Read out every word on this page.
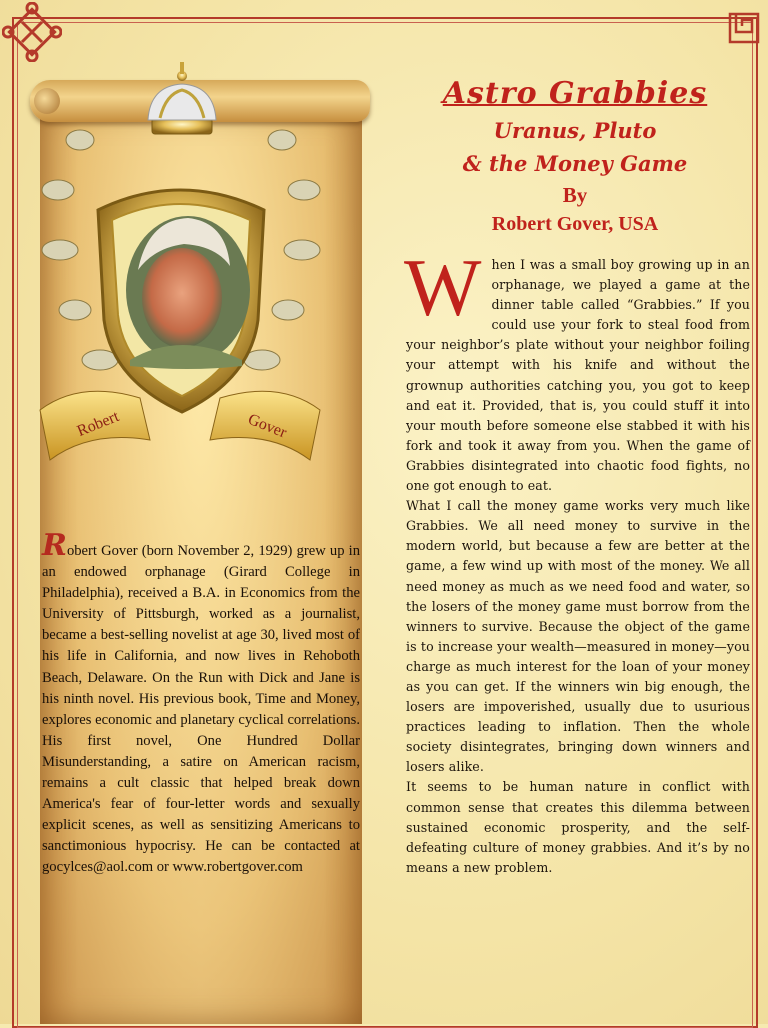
Robert	Gover
Robert Gover (born November 2, 1929) grew up in an endowed orphanage (Girard College in Philadelphia), received a B.A. in Economics from the University of Pittsburgh, worked as a journalist, became a best-selling novelist at age 30, lived most of his life in California, and now lives in Rehoboth Beach, Delaware. On the Run with Dick and Jane is his ninth novel. His previous book, Time and Money, explores economic and planetary cyclical correlations. His first novel, One Hundred Dollar Misunderstanding, a satire on American racism, remains a cult classic that helped break down America's fear of four-letter words and sexually explicit scenes, as well as sensitizing Americans to sanctimonious hypocrisy. He can be contacted at gocylces@aol.com or www.robertgover.com
Astro Grabbies
Uranus, Pluto
& the Money Game
By
Robert Gover, USA
W hen I was a small boy growing up in an orphanage, we played a game at the dinner table called “Grabbies.” If you could use your fork to steal food from your neighbor’s plate without your neighbor foiling your attempt with his knife and without the grownup authorities catching you, you got to keep and eat it. Provided, that is, you could stuff it into your mouth before someone else stabbed it with his fork and took it away from you. When the game of Grabbies disintegrated into chaotic food fights, no one got enough to eat.

What I call the money game works very much like Grabbies. We all need money to survive in the modern world, but because a few are better at the game, a few wind up with most of the money. We all need money as much as we need food and water, so the losers of the money game must borrow from the winners to survive. Because the object of the game is to increase your wealth—measured in money—you charge as much interest for the loan of your money as you can get. If the winners win big enough, the losers are impoverished, usually due to usurious practices leading to inflation. Then the whole society disintegrates, bringing down winners and losers alike.

It seems to be human nature in conflict with common sense that creates this dilemma between sustained economic prosperity, and the self-defeating culture of money grabbies. And it’s by no means a new problem.
